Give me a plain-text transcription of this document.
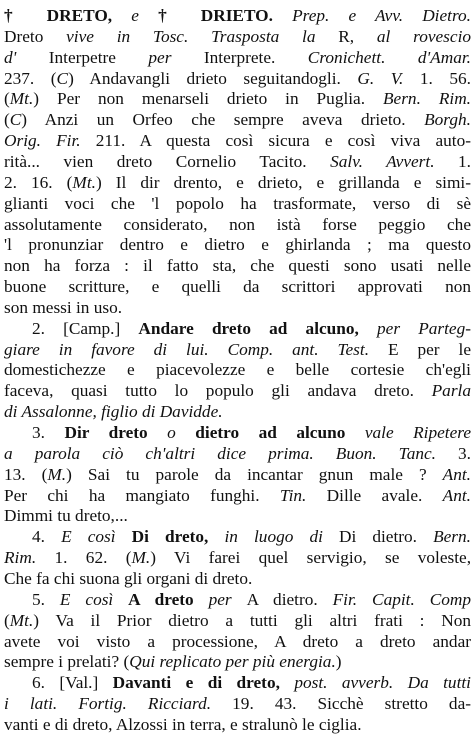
† DRETO, e † DRIETO. Prep. e Avv. Dietro.
Dreto vive in Tosc. Trasposta la R, al rovescio
d' Interpetre per Interprete. Cronichett. d'Amar.
237. (C) Andavangli drieto seguitandogli. G. V. 1. 56.
(Mt.) Per non menarseli drieto in Puglia. Bern. Rim.
(C) Anzi un Orfeo che sempre aveva drieto. Borgh.
Orig. Fir. 211. A questa così sicura e così viva auto-
rità... vien dreto Cornelio Tacito. Salv. Avvert. 1.
2. 16. (Mt.) Il dir drento, e drieto, e grillanda e simi-
glianti voci che 'l popolo ha trasformate, verso di sè
assolutamente considerato, non istà forse peggio che
'l pronunziar dentro e dietro e ghirlanda ; ma questo
non ha forza : il fatto sta, che questi sono usati nelle
buone scritture, e quelli da scrittori approvati non
son messi in uso.
2. [Camp.] Andare dreto ad alcuno, per Parteg-
giare in favore di lui. Comp. ant. Test. E per le
domestichezze e piacevolezze e belle cortesie ch'egli
faceva, quasi tutto lo populo gli andava dreto. Parla
di Assalonne, figlio di Davidde.
3. Dir dreto o dietro ad alcuno vale Ripetere
a parola ciò ch'altri dice prima. Buon. Tanc. 3.
13. (M.) Sai tu parole da incantar gnun male ? Ant.
Per chi ha mangiato funghi. Tin. Dille avale. Ant.
Dimmi tu dreto,...
4. E così Di dreto, in luogo di Di dietro. Bern.
Rim. 1. 62. (M.) Vi farei quel servigio, se voleste,
Che fa chi suona gli organi di dreto.
5. E così A dreto per A dietro. Fir. Capit. Comp
(Mt.) Va il Prior dietro a tutti gli altri frati : Non
avete voi visto a processione, A dreto a dreto andar
sempre i prelati? (Qui replicato per più energia.)
6. [Val.] Davanti e di dreto, post. avverb. Da tutti
i lati. Fortig. Ricciard. 19. 43. Sicchè stretto da-
vanti e di dreto, Alzossi in terra, e stralunò le ciglia.
